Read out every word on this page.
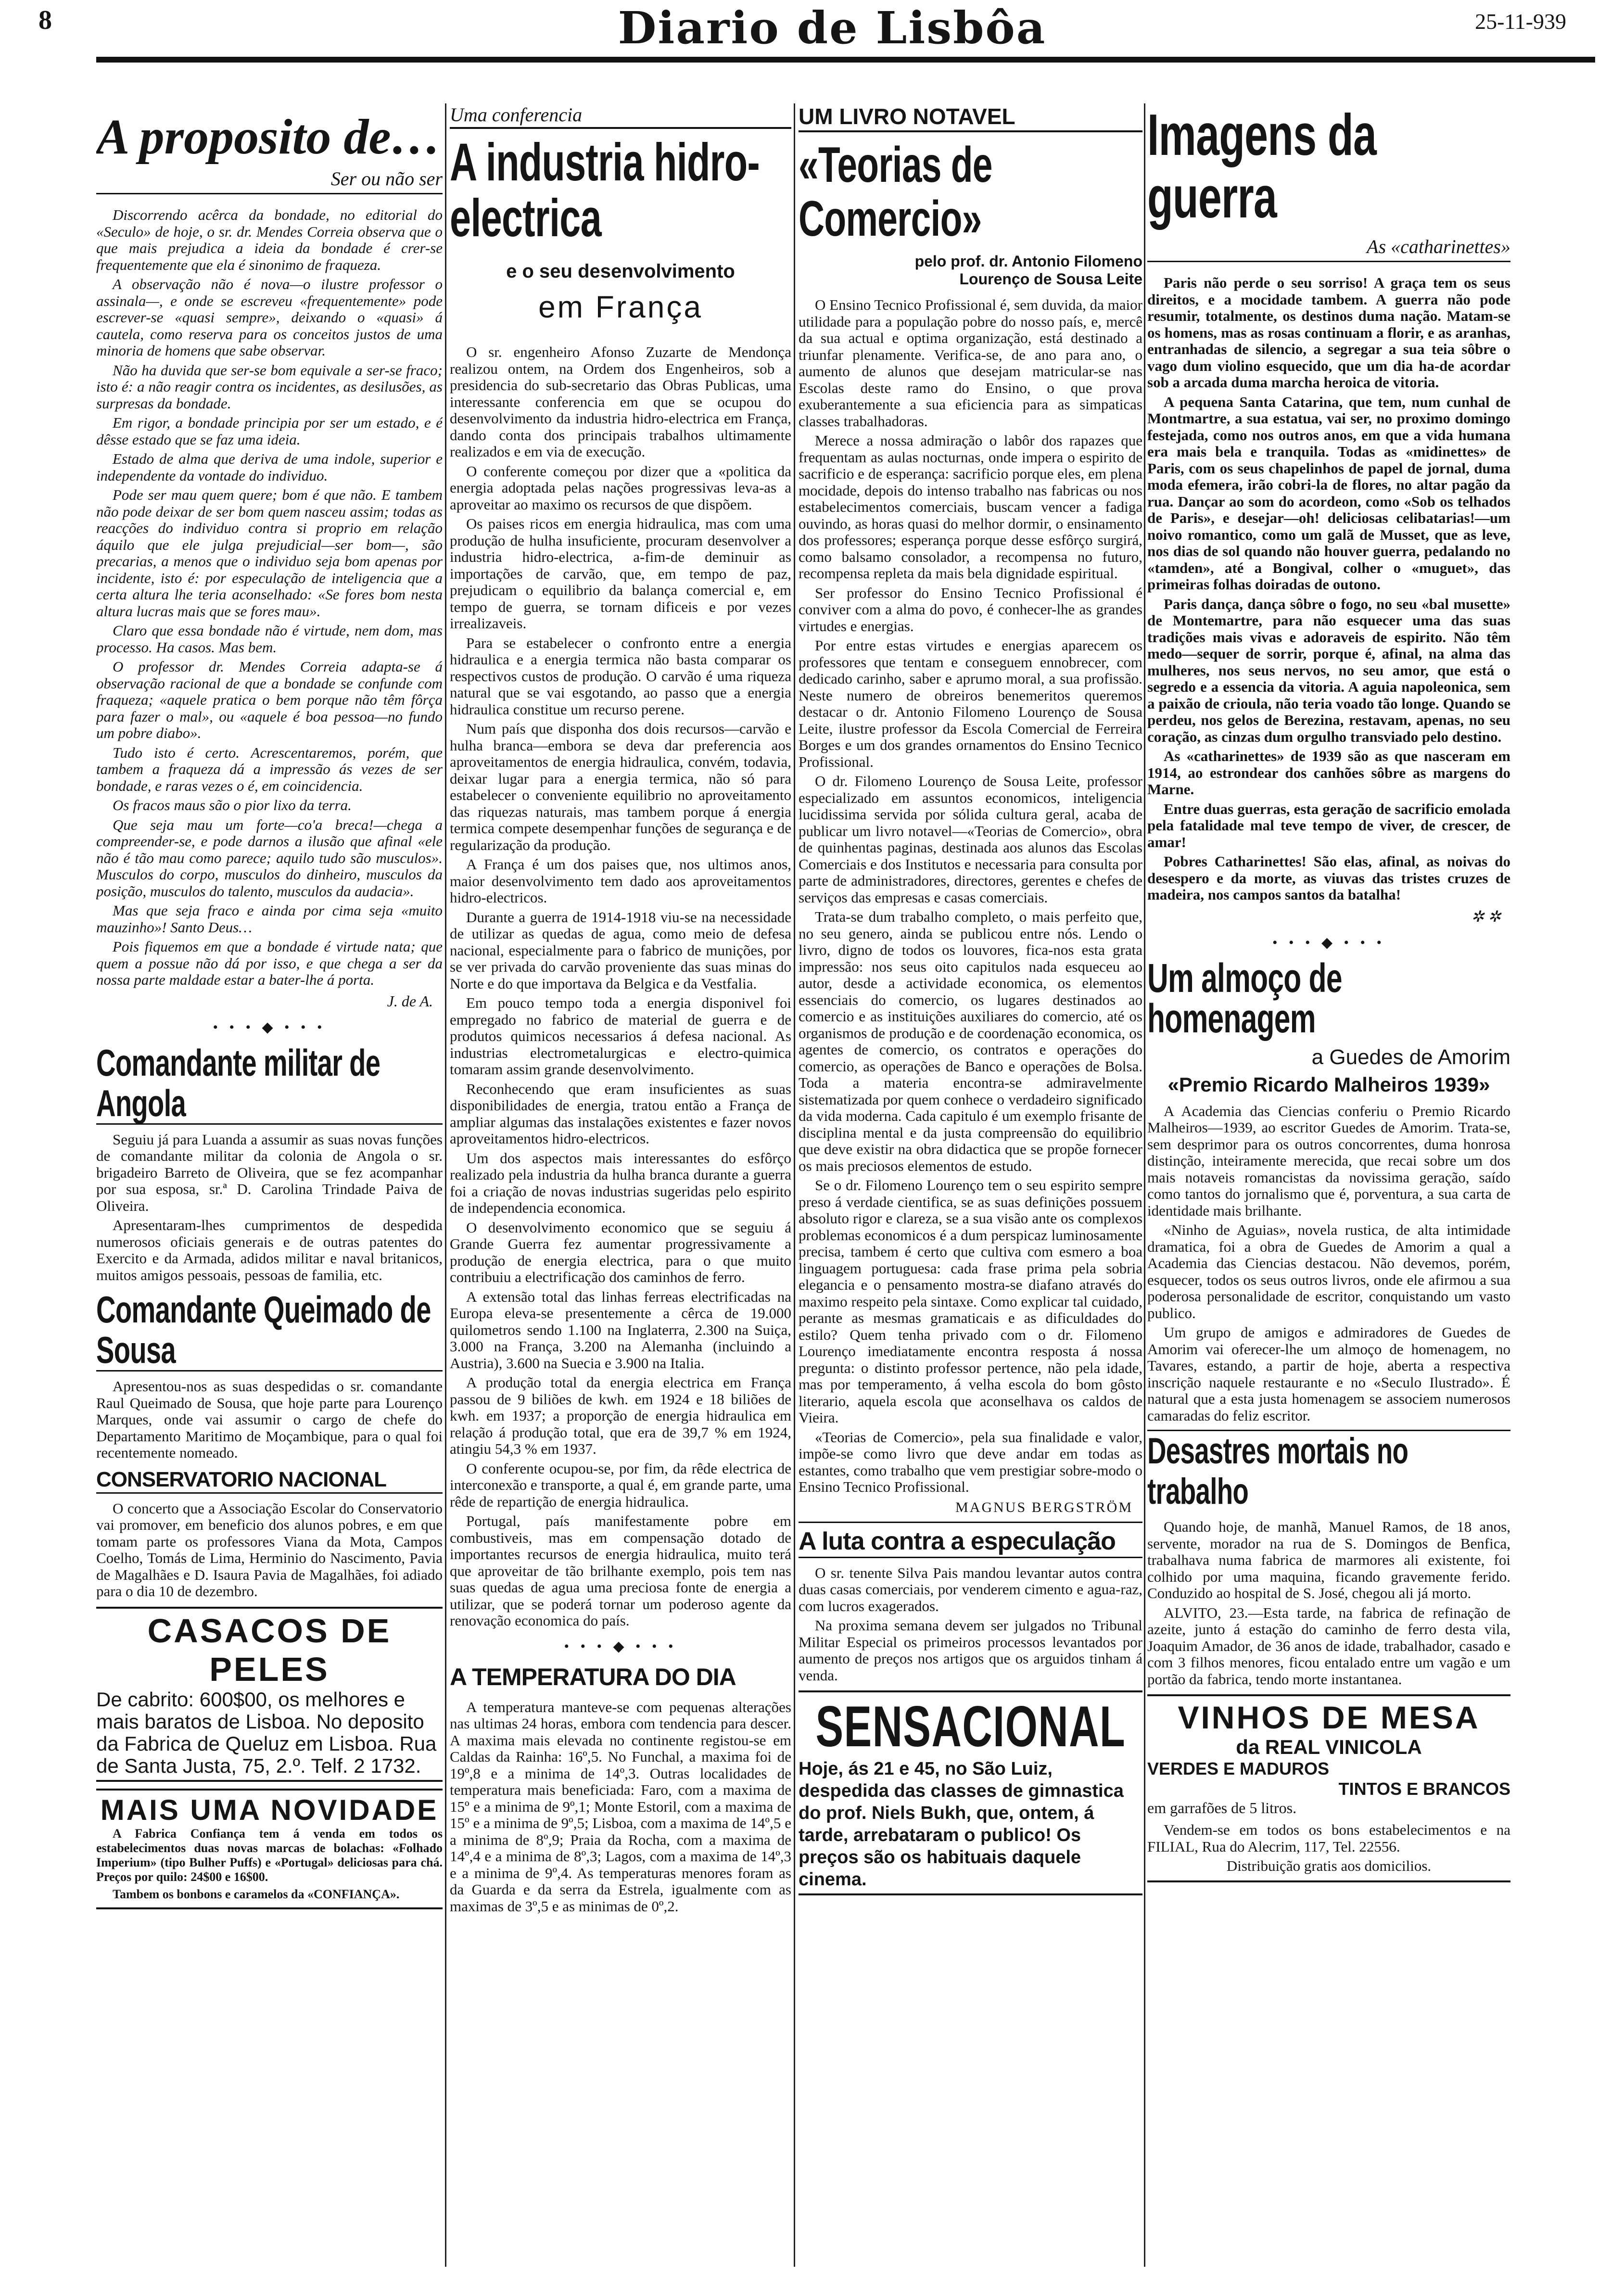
8	Diario de Lisbôa	25-11-939
A proposito de…
Ser ou não ser

Discorrendo acêrca da bondade, no editorial do «Seculo» de hoje, o sr. dr. Mendes Correia observa que o que mais prejudica a ideia da bondade é crer-se frequentemente que ela é sinonimo de fraqueza.

A observação não é nova—o ilustre professor o assinala—, e onde se escreveu «frequentemente» pode escrever-se «quasi sempre», deixando o «quasi» á cautela, como reserva para os conceitos justos de uma minoria de homens que sabe observar.

Não ha duvida que ser-se bom equivale a ser-se fraco; isto é: a não reagir contra os incidentes, as desilusões, as surpresas da bondade.

Em rigor, a bondade principia por ser um estado, e é dêsse estado que se faz uma ideia.

Estado de alma que deriva de uma indole, superior e independente da vontade do individuo.

Pode ser mau quem quere; bom é que não. E tambem não pode deixar de ser bom quem nasceu assim; todas as reacções do individuo contra si proprio em relação áquilo que ele julga prejudicial—ser bom—, são precarias, a menos que o individuo seja bom apenas por incidente, isto é: por especulação de inteligencia que a certa altura lhe teria aconselhado: «Se fores bom nesta altura lucras mais que se fores mau».

Claro que essa bondade não é virtude, nem dom, mas processo. Ha casos. Mas bem.

O professor dr. Mendes Correia adapta-se á observação racional de que a bondade se confunde com fraqueza; «aquele pratica o bem porque não têm fôrça para fazer o mal», ou «aquele é boa pessoa—no fundo um pobre diabo».

Tudo isto é certo. Acrescentaremos, porém, que tambem a fraqueza dá a impressão ás vezes de ser bondade, e raras vezes o é, em coincidencia.

Os fracos maus são o pior lixo da terra.

Que seja mau um forte—co'a breca!—chega a compreender-se, e pode darnos a ilusão que afinal «ele não é tão mau como parece; aquilo tudo são musculos». Musculos do corpo, musculos do dinheiro, musculos da posição, musculos do talento, musculos da audacia».

Mas que seja fraco e ainda por cima seja «muito mauzinho»! Santo Deus…

Pois fiquemos em que a bondade é virtude nata; que quem a possue não dá por isso, e que chega a ser da nossa parte maldade estar a bater-lhe á porta.

J. de A.
• • • ◆ • • •
Comandante militar de Angola

Seguiu já para Luanda a assumir as suas novas funções de comandante militar da colonia de Angola o sr. brigadeiro Barreto de Oliveira, que se fez acompanhar por sua esposa, sr.ª D. Carolina Trindade Paiva de Oliveira.

Apresentaram-lhes cumprimentos de despedida numerosos oficiais generais e de outras patentes do Exercito e da Armada, adidos militar e naval britanicos, muitos amigos pessoais, pessoas de familia, etc.

Comandante Queimado de Sousa

Apresentou-nos as suas despedidas o sr. comandante Raul Queimado de Sousa, que hoje parte para Lourenço Marques, onde vai assumir o cargo de chefe do Departamento Maritimo de Moçambique, para o qual foi recentemente nomeado.

CONSERVATORIO NACIONAL

O concerto que a Associação Escolar do Conservatorio vai promover, em beneficio dos alunos pobres, e em que tomam parte os professores Viana da Mota, Campos Coelho, Tomás de Lima, Herminio do Nascimento, Pavia de Magalhães e D. Isaura Pavia de Magalhães, foi adiado para o dia 10 de dezembro.

CASACOS DE PELES
De cabrito: 600$00, os melhores e mais baratos de Lisboa. No deposito da Fabrica de Queluz em Lisboa. Rua de Santa Justa, 75, 2.º. Telf. 2 1732.
MAIS UMA NOVIDADE

A Fabrica Confiança tem á venda em todos os estabelecimentos duas novas marcas de bolachas: «Folhado Imperium» (tipo Bulher Puffs) e «Portugal» deliciosas para chá. Preços por quilo: 24$00 e 16$00.

Tambem os bonbons e caramelos da «CONFIANÇA».

Uma conferencia
A industria hidro-electrica
e o seu desenvolvimento
em França

O sr. engenheiro Afonso Zuzarte de Mendonça realizou ontem, na Ordem dos Engenheiros, sob a presidencia do sub-secretario das Obras Publicas, uma interessante conferencia em que se ocupou do desenvolvimento da industria hidro-electrica em França, dando conta dos principais trabalhos ultimamente realizados e em via de execução.

O conferente começou por dizer que a «politica da energia adoptada pelas nações progressivas leva-as a aproveitar ao maximo os recursos de que dispõem.

Os paises ricos em energia hidraulica, mas com uma produção de hulha insuficiente, procuram desenvolver a industria hidro-electrica, a-fim-de deminuir as importações de carvão, que, em tempo de paz, prejudicam o equilibrio da balança comercial e, em tempo de guerra, se tornam dificeis e por vezes irrealizaveis.

Para se estabelecer o confronto entre a energia hidraulica e a energia termica não basta comparar os respectivos custos de produção. O carvão é uma riqueza natural que se vai esgotando, ao passo que a energia hidraulica constitue um recurso perene.

Num país que disponha dos dois recursos—carvão e hulha branca—embora se deva dar preferencia aos aproveitamentos de energia hidraulica, convém, todavia, deixar lugar para a energia termica, não só para estabelecer o conveniente equilibrio no aproveitamento das riquezas naturais, mas tambem porque á energia termica compete desempenhar funções de segurança e de regularização da produção.

A França é um dos paises que, nos ultimos anos, maior desenvolvimento tem dado aos aproveitamentos hidro-electricos.

Durante a guerra de 1914-1918 viu-se na necessidade de utilizar as quedas de agua, como meio de defesa nacional, especialmente para o fabrico de munições, por se ver privada do carvão proveniente das suas minas do Norte e do que importava da Belgica e da Vestfalia.

Em pouco tempo toda a energia disponivel foi empregado no fabrico de material de guerra e de produtos quimicos necessarios á defesa nacional. As industrias electrometalurgicas e electro-quimica tomaram assim grande desenvolvimento.

Reconhecendo que eram insuficientes as suas disponibilidades de energia, tratou então a França de ampliar algumas das instalações existentes e fazer novos aproveitamentos hidro-electricos.

Um dos aspectos mais interessantes do esfôrço realizado pela industria da hulha branca durante a guerra foi a criação de novas industrias sugeridas pelo espirito de independencia economica.

O desenvolvimento economico que se seguiu á Grande Guerra fez aumentar progressivamente a produção de energia electrica, para o que muito contribuiu a electrificação dos caminhos de ferro.

A extensão total das linhas ferreas electrificadas na Europa eleva-se presentemente a cêrca de 19.000 quilometros sendo 1.100 na Inglaterra, 2.300 na Suiça, 3.000 na França, 3.200 na Alemanha (incluindo a Austria), 3.600 na Suecia e 3.900 na Italia.

A produção total da energia electrica em França passou de 9 biliões de kwh. em 1924 e 18 biliões de kwh. em 1937; a proporção de energia hidraulica em relação á produção total, que era de 39,7 % em 1924, atingiu 54,3 % em 1937.

O conferente ocupou-se, por fim, da rêde electrica de interconexão e transporte, a qual é, em grande parte, uma rêde de repartição de energia hidraulica.

Portugal, país manifestamente pobre em combustiveis, mas em compensação dotado de importantes recursos de energia hidraulica, muito terá que aproveitar de tão brilhante exemplo, pois tem nas suas quedas de agua uma preciosa fonte de energia a utilizar, que se poderá tornar um poderoso agente da renovação economica do país.

• • • ◆ • • •
A TEMPERATURA DO DIA

A temperatura manteve-se com pequenas alterações nas ultimas 24 horas, embora com tendencia para descer. A maxima mais elevada no continente registou-se em Caldas da Rainha: 16º,5. No Funchal, a maxima foi de 19º,8 e a minima de 14º,3. Outras localidades de temperatura mais beneficiada: Faro, com a maxima de 15º e a minima de 9º,1; Monte Estoril, com a maxima de 15º e a minima de 9º,5; Lisboa, com a maxima de 14º,5 e a minima de 8º,9; Praia da Rocha, com a maxima de 14º,4 e a minima de 8º,3; Lagos, com a maxima de 14º,3 e a minima de 9º,4. As temperaturas menores foram as da Guarda e da serra da Estrela, igualmente com as maximas de 3º,5 e as minimas de 0º,2.

UM LIVRO NOTAVEL
«Teorias de Comercio»
pelo prof. dr. Antonio Filomeno
Lourenço de Sousa Leite

O Ensino Tecnico Profissional é, sem duvida, da maior utilidade para a população pobre do nosso país, e, mercê da sua actual e optima organização, está destinado a triunfar plenamente. Verifica-se, de ano para ano, o aumento de alunos que desejam matricular-se nas Escolas deste ramo do Ensino, o que prova exuberantemente a sua eficiencia para as simpaticas classes trabalhadoras.

Merece a nossa admiração o labôr dos rapazes que frequentam as aulas nocturnas, onde impera o espirito de sacrificio e de esperança: sacrificio porque eles, em plena mocidade, depois do intenso trabalho nas fabricas ou nos estabelecimentos comerciais, buscam vencer a fadiga ouvindo, as horas quasi do melhor dormir, o ensinamento dos professores; esperança porque desse esfôrço surgirá, como balsamo consolador, a recompensa no futuro, recompensa repleta da mais bela dignidade espiritual.

Ser professor do Ensino Tecnico Profissional é conviver com a alma do povo, é conhecer-lhe as grandes virtudes e energias.

Por entre estas virtudes e energias aparecem os professores que tentam e conseguem ennobrecer, com dedicado carinho, saber e aprumo moral, a sua profissão. Neste numero de obreiros benemeritos queremos destacar o dr. Antonio Filomeno Lourenço de Sousa Leite, ilustre professor da Escola Comercial de Ferreira Borges e um dos grandes ornamentos do Ensino Tecnico Profissional.

O dr. Filomeno Lourenço de Sousa Leite, professor especializado em assuntos economicos, inteligencia lucidissima servida por sólida cultura geral, acaba de publicar um livro notavel—«Teorias de Comercio», obra de quinhentas paginas, destinada aos alunos das Escolas Comerciais e dos Institutos e necessaria para consulta por parte de administradores, directores, gerentes e chefes de serviços das empresas e casas comerciais.

Trata-se dum trabalho completo, o mais perfeito que, no seu genero, ainda se publicou entre nós. Lendo o livro, digno de todos os louvores, fica-nos esta grata impressão: nos seus oito capitulos nada esqueceu ao autor, desde a actividade economica, os elementos essenciais do comercio, os lugares destinados ao comercio e as instituições auxiliares do comercio, até os organismos de produção e de coordenação economica, os agentes de comercio, os contratos e operações do comercio, as operações de Banco e operações de Bolsa. Toda a materia encontra-se admiravelmente sistematizada por quem conhece o verdadeiro significado da vida moderna. Cada capitulo é um exemplo frisante de disciplina mental e da justa compreensão do equilibrio que deve existir na obra didactica que se propõe fornecer os mais preciosos elementos de estudo.

Se o dr. Filomeno Lourenço tem o seu espirito sempre preso á verdade cientifica, se as suas definições possuem absoluto rigor e clareza, se a sua visão ante os complexos problemas economicos é a dum perspicaz luminosamente precisa, tambem é certo que cultiva com esmero a boa linguagem portuguesa: cada frase prima pela sobria elegancia e o pensamento mostra-se diafano através do maximo respeito pela sintaxe. Como explicar tal cuidado, perante as mesmas gramaticais e as dificuldades do estilo? Quem tenha privado com o dr. Filomeno Lourenço imediatamente encontra resposta á nossa pregunta: o distinto professor pertence, não pela idade, mas por temperamento, á velha escola do bom gôsto literario, aquela escola que aconselhava os caldos de Vieira.

«Teorias de Comercio», pela sua finalidade e valor, impõe-se como livro que deve andar em todas as estantes, como trabalho que vem prestigiar sobre-modo o Ensino Tecnico Profissional.

MAGNUS BERGSTRÖM
A luta contra a especulação

O sr. tenente Silva Pais mandou levantar autos contra duas casas comerciais, por venderem cimento e agua-raz, com lucros exagerados.

Na proxima semana devem ser julgados no Tribunal Militar Especial os primeiros processos levantados por aumento de preços nos artigos que os arguidos tinham á venda.

SENSACIONAL
Hoje, ás 21 e 45, no São Luiz, despedida das classes de gimnastica do prof. Niels Bukh, que, ontem, á tarde, arrebataram o publico! Os preços são os habituais daquele cinema.
Imagens da guerra
As «catharinettes»

Paris não perde o seu sorriso! A graça tem os seus direitos, e a mocidade tambem. A guerra não pode resumir, totalmente, os destinos duma nação. Matam-se os homens, mas as rosas continuam a florir, e as aranhas, entranhadas de silencio, a segregar a sua teia sôbre o vago dum violino esquecido, que um dia ha-de acordar sob a arcada duma marcha heroica de vitoria.

A pequena Santa Catarina, que tem, num cunhal de Montmartre, a sua estatua, vai ser, no proximo domingo festejada, como nos outros anos, em que a vida humana era mais bela e tranquila. Todas as «midinettes» de Paris, com os seus chapelinhos de papel de jornal, duma moda efemera, irão cobri-la de flores, no altar pagão da rua. Dançar ao som do acordeon, como «Sob os telhados de Paris», e desejar—oh! deliciosas celibatarias!—um noivo romantico, como um galã de Musset, que as leve, nos dias de sol quando não houver guerra, pedalando no «tamden», até a Bongival, colher o «muguet», das primeiras folhas doiradas de outono.

Paris dança, dança sôbre o fogo, no seu «bal musette» de Montemartre, para não esquecer uma das suas tradições mais vivas e adoraveis de espirito. Não têm medo—sequer de sorrir, porque é, afinal, na alma das mulheres, nos seus nervos, no seu amor, que está o segredo e a essencia da vitoria. A aguia napoleonica, sem a paixão de crioula, não teria voado tão longe. Quando se perdeu, nos gelos de Berezina, restavam, apenas, no seu coração, as cinzas dum orgulho transviado pelo destino.

As «catharinettes» de 1939 são as que nasceram em 1914, ao estrondear dos canhões sôbre as margens do Marne.

Entre duas guerras, esta geração de sacrificio emolada pela fatalidade mal teve tempo de viver, de crescer, de amar!

Pobres Catharinettes! São elas, afinal, as noivas do desespero e da morte, as viuvas das tristes cruzes de madeira, nos campos santos da batalha!

✲ ✲
• • • ◆ • • •
Um almoço de homenagem
a Guedes de Amorim
«Premio Ricardo Malheiros 1939»

A Academia das Ciencias conferiu o Premio Ricardo Malheiros—1939, ao escritor Guedes de Amorim. Trata-se, sem desprimor para os outros concorrentes, duma honrosa distinção, inteiramente merecida, que recai sobre um dos mais notaveis romancistas da novissima geração, saído como tantos do jornalismo que é, porventura, a sua carta de identidade mais brilhante.

«Ninho de Aguias», novela rustica, de alta intimidade dramatica, foi a obra de Guedes de Amorim a qual a Academia das Ciencias destacou. Não devemos, porém, esquecer, todos os seus outros livros, onde ele afirmou a sua poderosa personalidade de escritor, conquistando um vasto publico.

Um grupo de amigos e admiradores de Guedes de Amorim vai oferecer-lhe um almoço de homenagem, no Tavares, estando, a partir de hoje, aberta a respectiva inscrição naquele restaurante e no «Seculo Ilustrado». É natural que a esta justa homenagem se associem numerosos camaradas do feliz escritor.

Desastres mortais no trabalho

Quando hoje, de manhã, Manuel Ramos, de 18 anos, servente, morador na rua de S. Domingos de Benfica, trabalhava numa fabrica de marmores ali existente, foi colhido por uma maquina, ficando gravemente ferido. Conduzido ao hospital de S. José, chegou ali já morto.

ALVITO, 23.—Esta tarde, na fabrica de refinação de azeite, junto á estação do caminho de ferro desta vila, Joaquim Amador, de 36 anos de idade, trabalhador, casado e com 3 filhos menores, ficou entalado entre um vagão e um portão da fabrica, tendo morte instantanea.

VINHOS DE MESA
da REAL VINICOLA
VERDES E MADUROS
TINTOS E BRANCOS
em garrafões de 5 litros.

Vendem-se em todos os bons estabelecimentos e na FILIAL, Rua do Alecrim, 117, Tel. 22556.

Distribuição gratis aos domicilios.
